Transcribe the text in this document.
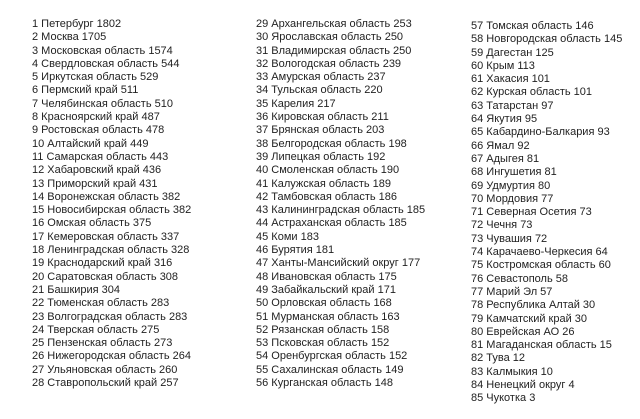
1 Петербург 1802
2 Москва 1705
3 Московская область 1574
4 Свердловская область 544
5 Иркутская область 529
6 Пермский край 511
7 Челябинская область 510
8 Красноярский край 487
9 Ростовская область 478
10 Алтайский край 449
11 Самарская область 443
12 Хабаровский край 436
13 Приморский край 431
14 Воронежская область 382
15 Новосибирская область 382
16 Омская область 375
17 Кемеровская область 337
18 Ленинградская область 328
19 Краснодарский край 316
20 Саратовская область 308
21 Башкирия 304
22 Тюменская область 283
23 Волгоградская область 283
24 Тверская область 275
25 Пензенская область 273
26 Нижегородская область 264
27 Ульяновская область 260
28 Ставропольский край 257
29 Архангельская область 253
30 Ярославская область 250
31 Владимирская область 250
32 Вологодская область 239
33 Амурская область 237
34 Тульская область 220
35 Карелия 217
36 Кировская область 211
37 Брянская область 203
38 Белгородская область 198
39 Липецкая область 192
40 Смоленская область 190
41 Калужская область 189
42 Тамбовская область 186
43 Калининградская область 185
44 Астраханская область 185
45 Коми 183
46 Бурятия 181
47 Ханты-Мансийский округ 177
48 Ивановская область 175
49 Забайкальский край 171
50 Орловская область 168
51 Мурманская область 163
52 Рязанская область 158
53 Псковская область 152
54 Оренбургская область 152
55 Сахалинская область 149
56 Курганская область 148
57 Томская область 146
58 Новгородская область 145
59 Дагестан 125
60 Крым 113
61 Хакасия 101
62 Курская область 101
63 Татарстан 97
64 Якутия 95
65 Кабардино-Балкария 93
66 Ямал 92
67 Адыгея 81
68 Ингушетия 81
69 Удмуртия 80
70 Мордовия 77
71 Северная Осетия 73
72 Чечня 73
73 Чувашия 72
74 Карачаево-Черкесия 64
75 Костромская область 60
76 Севастополь 58
77 Марий Эл 57
78 Республика Алтай 30
79 Камчатский край 30
80 Еврейская АО 26
81 Магаданская область 15
82 Тува 12
83 Калмыкия 10
84 Ненецкий округ 4
85 Чукотка 3
